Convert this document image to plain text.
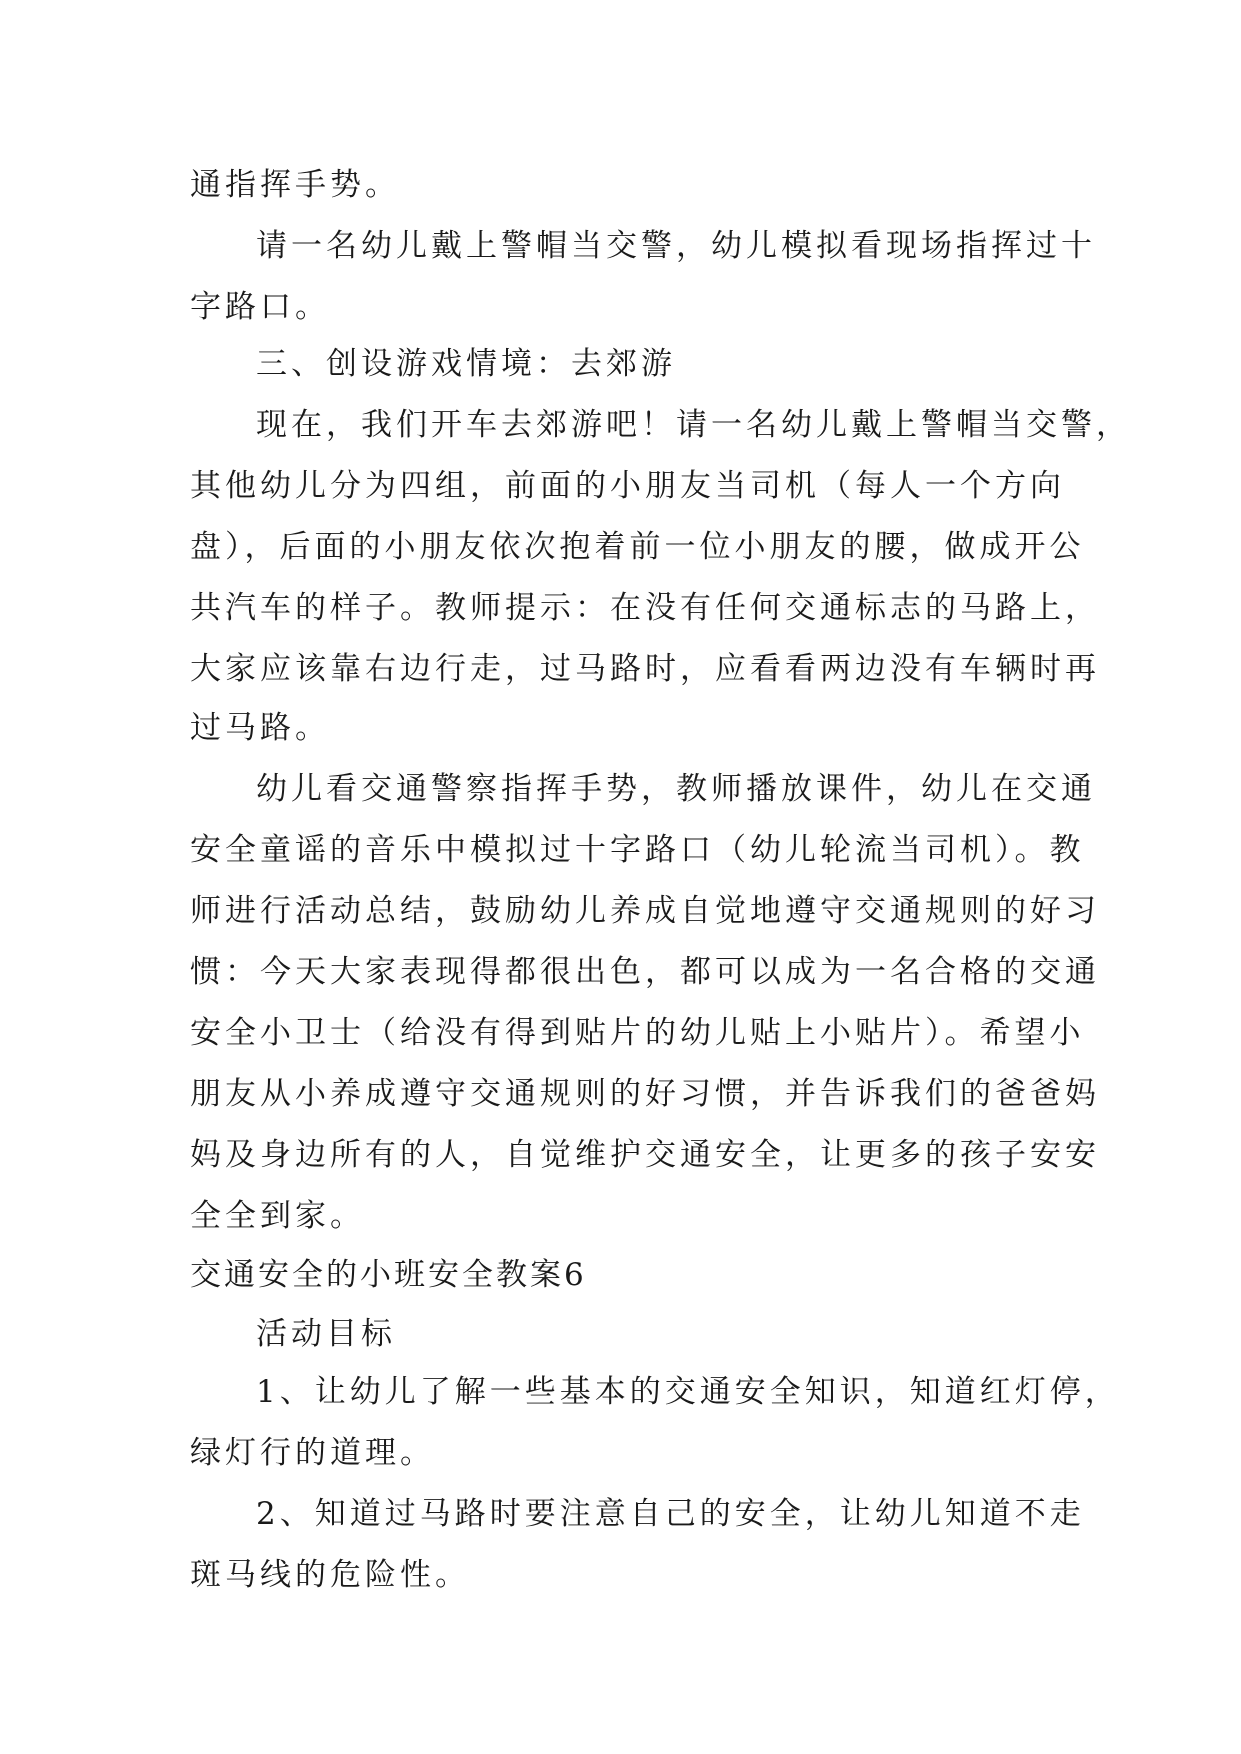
通指挥手势。
请一名幼儿戴上警帽当交警，幼儿模拟看现场指挥过十
字路口。
三、创设游戏情境：去郊游
现在，我们开车去郊游吧！请一名幼儿戴上警帽当交警，
其他幼儿分为四组，前面的小朋友当司机（每人一个方向
盘），后面的小朋友依次抱着前一位小朋友的腰，做成开公
共汽车的样子。教师提示：在没有任何交通标志的马路上，
大家应该靠右边行走，过马路时，应看看两边没有车辆时再
过马路。
幼儿看交通警察指挥手势，教师播放课件，幼儿在交通
安全童谣的音乐中模拟过十字路口（幼儿轮流当司机）。教
师进行活动总结，鼓励幼儿养成自觉地遵守交通规则的好习
惯：今天大家表现得都很出色，都可以成为一名合格的交通
安全小卫士（给没有得到贴片的幼儿贴上小贴片）。希望小
朋友从小养成遵守交通规则的好习惯，并告诉我们的爸爸妈
妈及身边所有的人，自觉维护交通安全，让更多的孩子安安
全全到家。
交通安全的小班安全教案6
活动目标
1、让幼儿了解一些基本的交通安全知识，知道红灯停，
绿灯行的道理。
2、知道过马路时要注意自己的安全，让幼儿知道不走
斑马线的危险性。
